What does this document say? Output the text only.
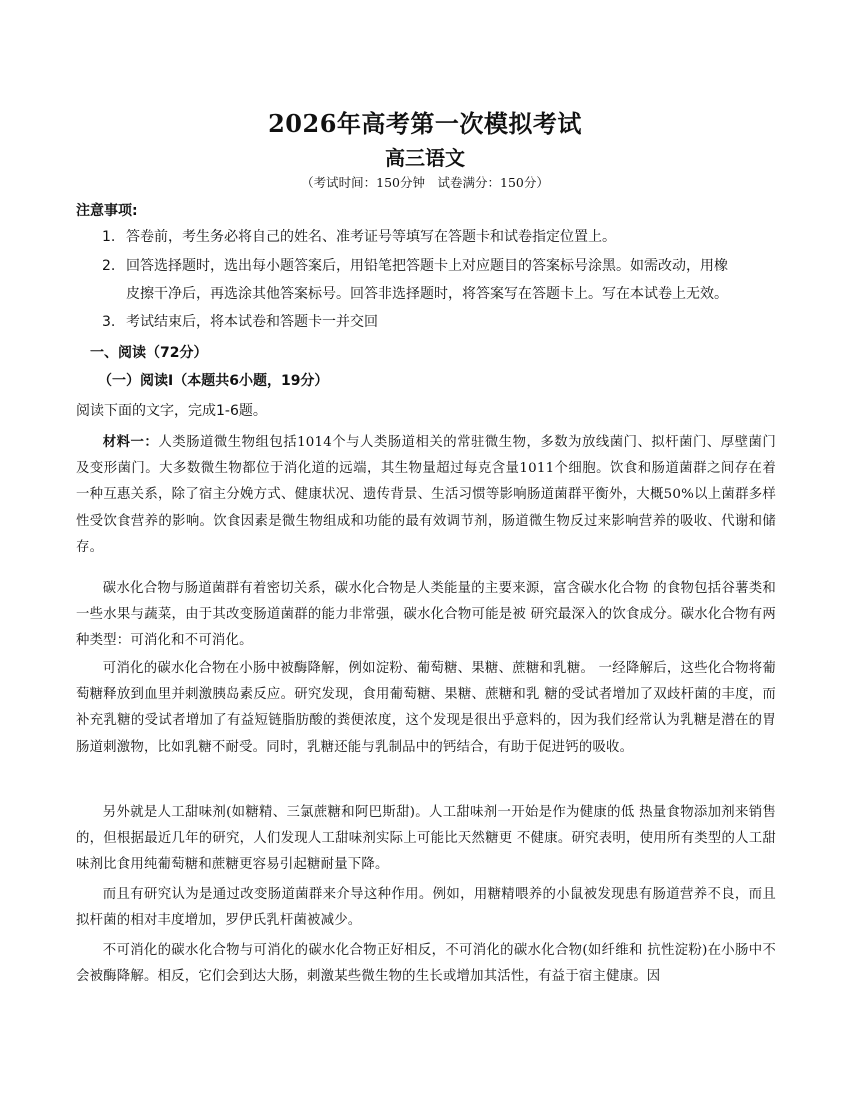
2026年高考第一次模拟考试
高三语文
（考试时间：150分钟　试卷满分：150分）
注意事项:
1. 答卷前，考生务必将自己的姓名、准考证号等填写在答题卡和试卷指定位置上。
2. 回答选择题时，选出每小题答案后，用铅笔把答题卡上对应题目的答案标号涂黑。如需改动，用橡
皮擦干净后，再选涂其他答案标号。回答非选择题时，将答案写在答题卡上。写在本试卷上无效。
3. 考试结束后，将本试卷和答题卡一并交回
一、阅读（72分）
（一）阅读Ⅰ（本题共6小题，19分）
阅读下面的文字，完成1-6题。
材料一：人类肠道微生物组包括1014个与人类肠道相关的常驻微生物，多数为放线菌门、拟杆菌门、厚壁菌门及变形菌门。大多数微生物都位于消化道的远端，其生物量超过每克含量1011个细胞。饮食和肠道菌群之间存在着一种互惠关系，除了宿主分娩方式、健康状况、遗传背景、生活习惯等影响肠道菌群平衡外，大概50%以上菌群多样性受饮食营养的影响。饮食因素是微生物组成和功能的最有效调节剂，肠道微生物反过来影响营养的吸收、代谢和储存。
碳水化合物与肠道菌群有着密切关系，碳水化合物是人类能量的主要来源，富含碳水化合物 的食物包括谷薯类和一些水果与蔬菜，由于其改变肠道菌群的能力非常强，碳水化合物可能是被 研究最深入的饮食成分。碳水化合物有两种类型：可消化和不可消化。
可消化的碳水化合物在小肠中被酶降解，例如淀粉、葡萄糖、果糖、蔗糖和乳糖。 一经降解后，这些化合物将葡萄糖释放到血里并刺激胰岛素反应。研究发现，食用葡萄糖、果糖、蔗糖和乳 糖的受试者增加了双歧杆菌的丰度，而补充乳糖的受试者增加了有益短链脂肪酸的粪便浓度，这个发现是很出乎意料的，因为我们经常认为乳糖是潜在的胃肠道刺激物，比如乳糖不耐受。同时，乳糖还能与乳制品中的钙结合，有助于促进钙的吸收。
另外就是人工甜味剂(如糖精、三氯蔗糖和阿巴斯甜)。人工甜味剂一开始是作为健康的低 热量食物添加剂来销售的，但根据最近几年的研究，人们发现人工甜味剂实际上可能比天然糖更 不健康。研究表明，使用所有类型的人工甜味剂比食用纯葡萄糖和蔗糖更容易引起糖耐量下降。
而且有研究认为是通过改变肠道菌群来介导这种作用。例如，用糖精喂养的小鼠被发现患有肠道营养不良，而且拟杆菌的相对丰度增加，罗伊氏乳杆菌被减少。
不可消化的碳水化合物与可消化的碳水化合物正好相反，不可消化的碳水化合物(如纤维和 抗性淀粉)在小肠中不会被酶降解。相反，它们会到达大肠，刺激某些微生物的生长或增加其活性，有益于宿主健康。因
